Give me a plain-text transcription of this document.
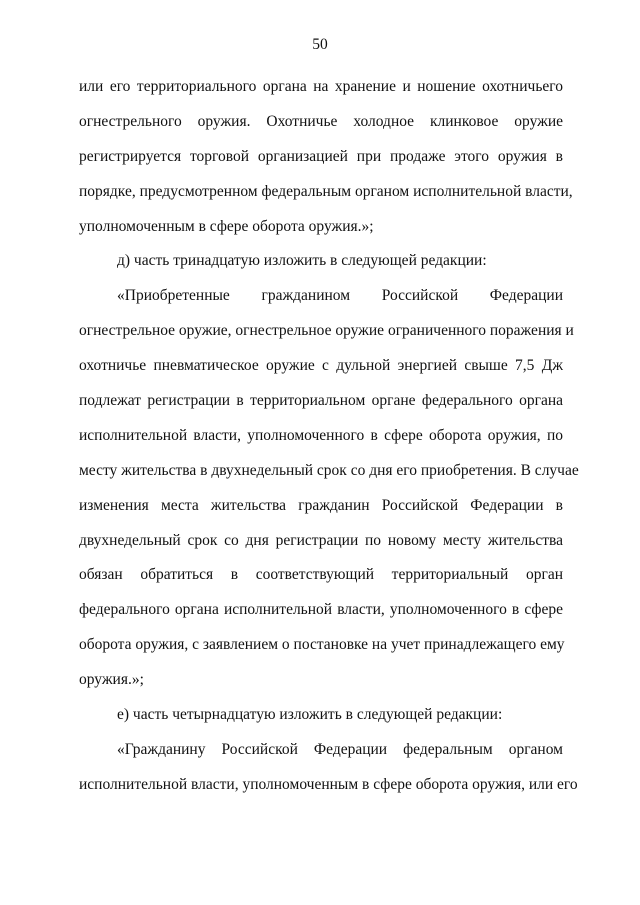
50
или его территориального органа на хранение и ношение охотничьего
огнестрельного оружия. Охотничье холодное клинковое оружие
регистрируется торговой организацией при продаже этого оружия в
порядке, предусмотренном федеральным органом исполнительной власти,
уполномоченным в сфере оборота оружия.»;
д) часть тринадцатую изложить в следующей редакции:
«Приобретенные гражданином Российской Федерации
огнестрельное оружие, огнестрельное оружие ограниченного поражения и
охотничье пневматическое оружие с дульной энергией свыше 7,5 Дж
подлежат регистрации в территориальном органе федерального органа
исполнительной власти, уполномоченного в сфере оборота оружия, по
месту жительства в двухнедельный срок со дня его приобретения. В случае
изменения места жительства гражданин Российской Федерации в
двухнедельный срок со дня регистрации по новому месту жительства
обязан обратиться в соответствующий территориальный орган
федерального органа исполнительной власти, уполномоченного в сфере
оборота оружия, с заявлением о постановке на учет принадлежащего ему
оружия.»;
е) часть четырнадцатую изложить в следующей редакции:
«Гражданину Российской Федерации федеральным органом
исполнительной власти, уполномоченным в сфере оборота оружия, или его
